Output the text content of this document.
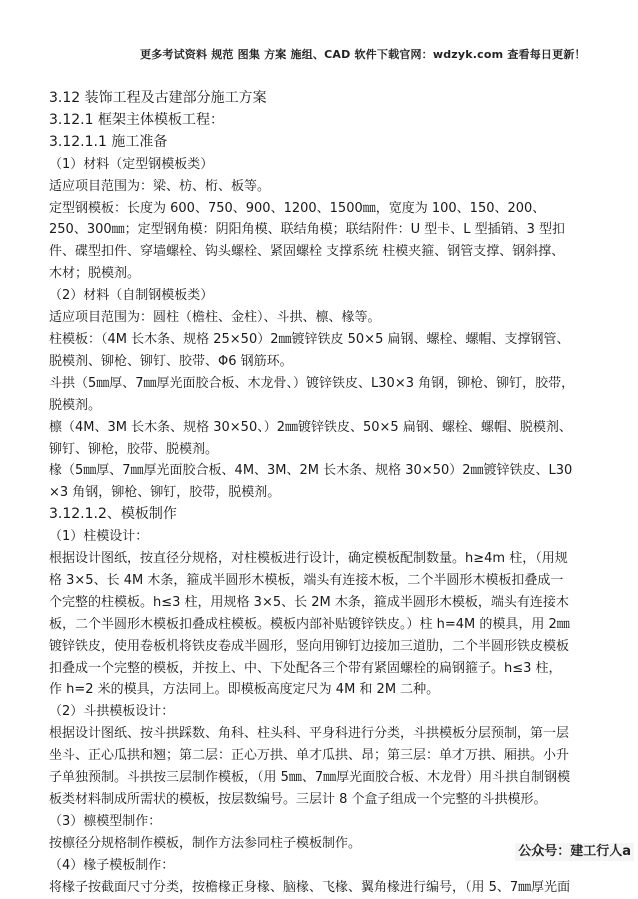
更多考试资料 规范 图集 方案 施组、CAD 软件下载官网：wdzyk.com 查看每日更新！

3.12 装饰工程及古建部分施工方案

3.12.1 框架主体模板工程：

3.12.1.1 施工准备

（1）材料（定型钢模板类）

适应项目范围为：梁、枋、桁、板等。

定型钢模板：长度为 600、750、900、1200、1500㎜，宽度为 100、150、200、

250、300㎜；定型钢角模：阴阳角模、联结角模；联结附件：U 型卡、L 型插销、3 型扣

件、碟型扣件、穿墙螺栓、钩头螺栓、紧固螺栓 支撑系统 柱模夹箍、钢管支撑、钢斜撑、

木材；脱模剂。

（2）材料（自制钢模板类）

适应项目范围为：圆柱（檐柱、金柱）、斗拱、檩、椽等。

柱模板：（4M 长木条、规格 25×50）2㎜镀锌铁皮 50×5 扁钢、螺栓、螺帽、支撑钢管、

脱模剂、铆枪、铆钉、胶带、Φ6 钢筋环。

斗拱（5㎜厚、7㎜厚光面胶合板、木龙骨、）镀锌铁皮、L30×3 角钢，铆枪、铆钉，胶带，

脱模剂。

檩（4M、3M 长木条、规格 30×50、）2㎜镀锌铁皮、50×5 扁钢、螺栓、螺帽、脱模剂、

铆钉、铆枪，胶带、脱模剂。

椽（5㎜厚、7㎜厚光面胶合板、4M、3M、2M 长木条、规格 30×50）2㎜镀锌铁皮、L30

×3 角钢，铆枪、铆钉，胶带，脱模剂。

3.12.1.2、模板制作

（1）柱模设计：

根据设计图纸，按直径分规格，对柱模板进行设计，确定模板配制数量。h≥4m 柱，（用规

格 3×5、长 4M 木条，箍成半圆形木模板，端头有连接木板，二个半圆形木模板扣叠成一

个完整的柱模板。h≤3 柱，用规格 3×5、长 2M 木条，箍成半圆形木模板，端头有连接木

板，二个半圆形木模板扣叠成柱模板。模板内部补贴镀锌铁皮。）柱 h=4M 的模具，用 2㎜

镀锌铁皮，使用卷板机将铁皮卷成半圆形，竖向用铆钉边接加三道肋，二个半圆形铁皮模板

扣叠成一个完整的模板，并按上、中、下处配各三个带有紧固螺栓的扁钢箍子。h≤3 柱，

作 h=2 米的模具，方法同上。即模板高度定尺为 4M 和 2M 二种。

（2）斗拱模板设计：

根据设计图纸、按斗拱踩数、角科、柱头科、平身科进行分类，斗拱模板分层预制，第一层

坐斗、正心瓜拱和翘；第二层：正心万拱、单才瓜拱、昂；第三层：单才万拱、厢拱。小升

子单独预制。斗拱按三层制作模板，（用 5㎜、7㎜厚光面胶合板、木龙骨）用斗拱自制钢模

板类材料制成所需状的模板，按层数编号。三层计 8 个盒子组成一个完整的斗拱模形。

（3）檩模型制作：

按檩径分规格制作模板，制作方法参同柱子模板制作。

（4）椽子模板制作：

将椽子按截面尺寸分类，按檐椽正身椽、脑椽、飞椽、翼角椽进行编号，（用 5、7㎜厚光面

公众号：建工行人a
